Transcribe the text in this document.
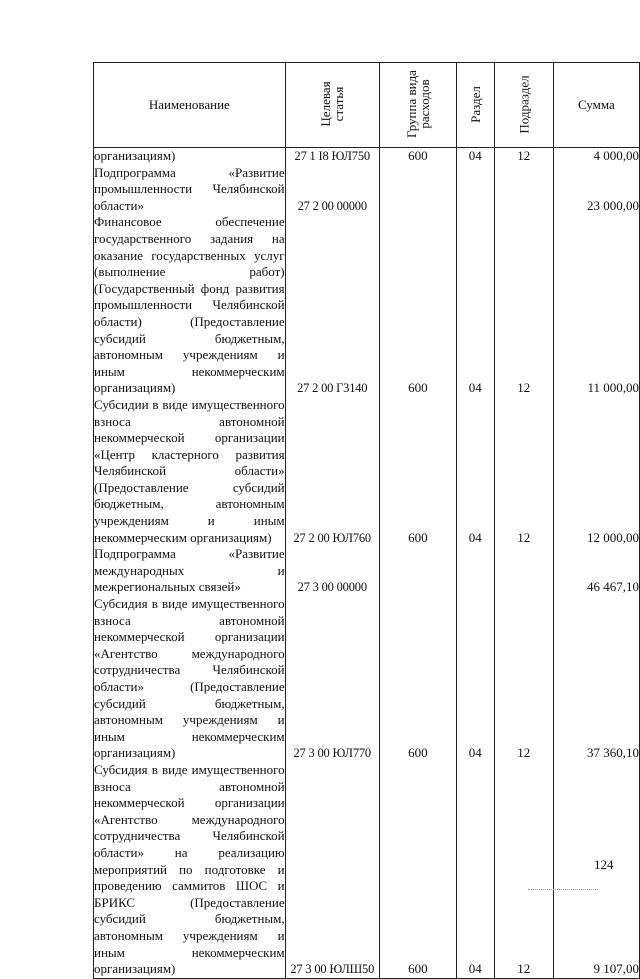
Наименование	Целевая статья	Группа вида расходов	Раздел	Подраздел	Сумма
организациям)	27 1 I8 ЮЛ750	600	04	12	4 000,00
Подпрограмма «Развитие промышленности Челябинской области»	27 2 00 00000				23 000,00
Финансовое обеспечение государственного задания на оказание государственных услуг (выполнение работ) (Государственный фонд развития промышленности Челябинской области) (Предоставление субсидий бюджетным, автономным учреждениям и иным некоммерческим организациям)	27 2 00 Г3140	600	04	12	11 000,00
Субсидии в виде имущественного взноса автономной некоммерческой организации «Центр кластерного развития Челябинской области» (Предоставление субсидий бюджетным, автономным учреждениям и иным некоммерческим организациям)	27 2 00 ЮЛ760	600	04	12	12 000,00
Подпрограмма «Развитие международных и межрегиональных связей»	27 3 00 00000				46 467,10
Субсидия в виде имущественного взноса автономной некоммерческой организации «Агентство международного сотрудничества Челябинской области» (Предоставление субсидий бюджетным, автономным учреждениям и иным некоммерческим организациям)	27 3 00 ЮЛ770	600	04	12	37 360,10
Субсидия в виде имущественного взноса автономной некоммерческой организации «Агентство международного сотрудничества Челябинской области» на реализацию мероприятий по подготовке и проведению саммитов ШОС и БРИКС (Предоставление субсидий бюджетным, автономным учреждениям и иным некоммерческим организациям)	27 3 00 ЮЛШ50	600	04	12	9 107,00
124
